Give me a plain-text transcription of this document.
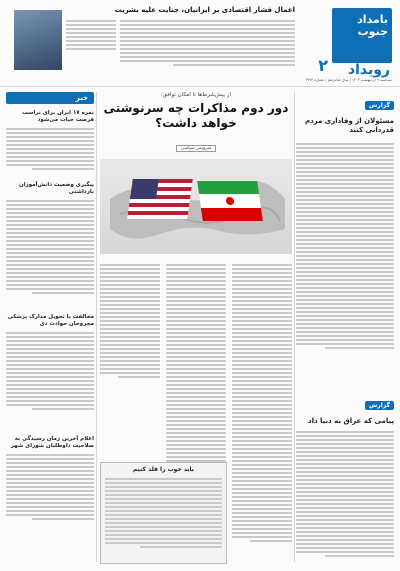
بامداد جنوب
رویداد
۲
سه‌شنبه ۹ اردیبهشت ۱۴۰۴ | سال شانزدهم | شماره ۳۳۷۴
اعمال فشار اقتصادی بر ایرانیان، جنایت علیه بشریت
گزارش
مسئولان از وفاداری مردم قدردانی کنند
گزارش
پیامی که عراق به دنیا داد
از پیش‌شرط‌ها تا امکان توافق؛
دور دوم مذاکرات چه سرنوشتی خواهد داشت؟
سرویس سیاسی
باید خوب را قلد کنیم
خبر
نمره ۱۷ ایران برای نراسب فرصت حیات می‌شود
پیگیری وضعیت دانش‌آموزان بازداشتی
مخالفت با تحویل مدارک پزشکی مجروحان حوادث دی
اعلام آخرین زمان رسیدگی به صلاحیت داوطلبان شورای شهر
